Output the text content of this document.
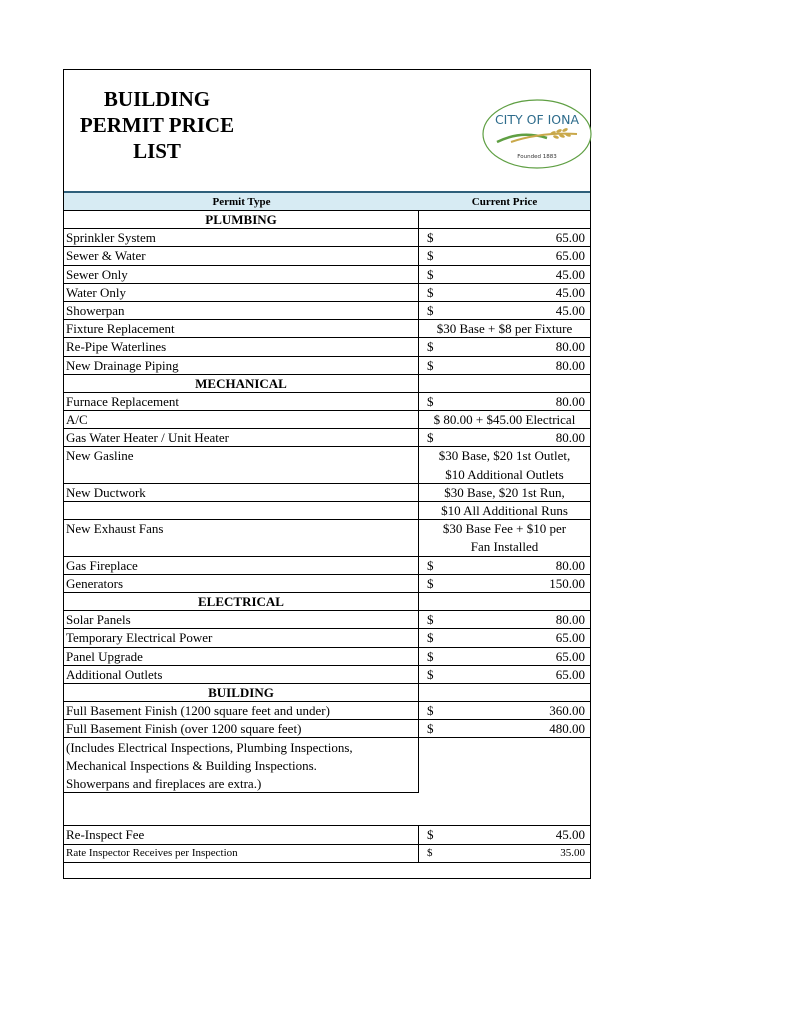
BUILDING
PERMIT PRICE
LIST
CITY OF IONA
Founded 1883
Permit Type	Current Price
PLUMBING
Sprinkler System	$	65.00
Sewer & Water	$	65.00
Sewer Only	$	45.00
Water Only	$	45.00
Showerpan	$	45.00
Fixture Replacement	$30 Base + $8 per Fixture
Re-Pipe Waterlines	$	80.00
New Drainage Piping	$	80.00
MECHANICAL
Furnace Replacement	$	80.00
A/C	$ 80.00 + $45.00 Electrical
Gas Water Heater / Unit Heater	$	80.00
New Gasline	$30 Base, $20 1st Outlet,
$10 Additional Outlets
New Ductwork	$30 Base, $20 1st Run,
$10 All Additional Runs
New Exhaust Fans	$30 Base Fee + $10 per
Fan Installed
Gas Fireplace	$	80.00
Generators	$	150.00
ELECTRICAL
Solar Panels	$	80.00
Temporary Electrical Power	$	65.00
Panel Upgrade	$	65.00
Additional Outlets	$	65.00
BUILDING
Full Basement Finish (1200 square feet and under)	$	360.00
Full Basement Finish (over 1200 square feet)	$	480.00
(Includes Electrical Inspections, Plumbing Inspections,
Mechanical Inspections & Building Inspections.
Showerpans and fireplaces are extra.)
Re-Inspect Fee	$	45.00
Rate Inspector Receives per Inspection	$	35.00
